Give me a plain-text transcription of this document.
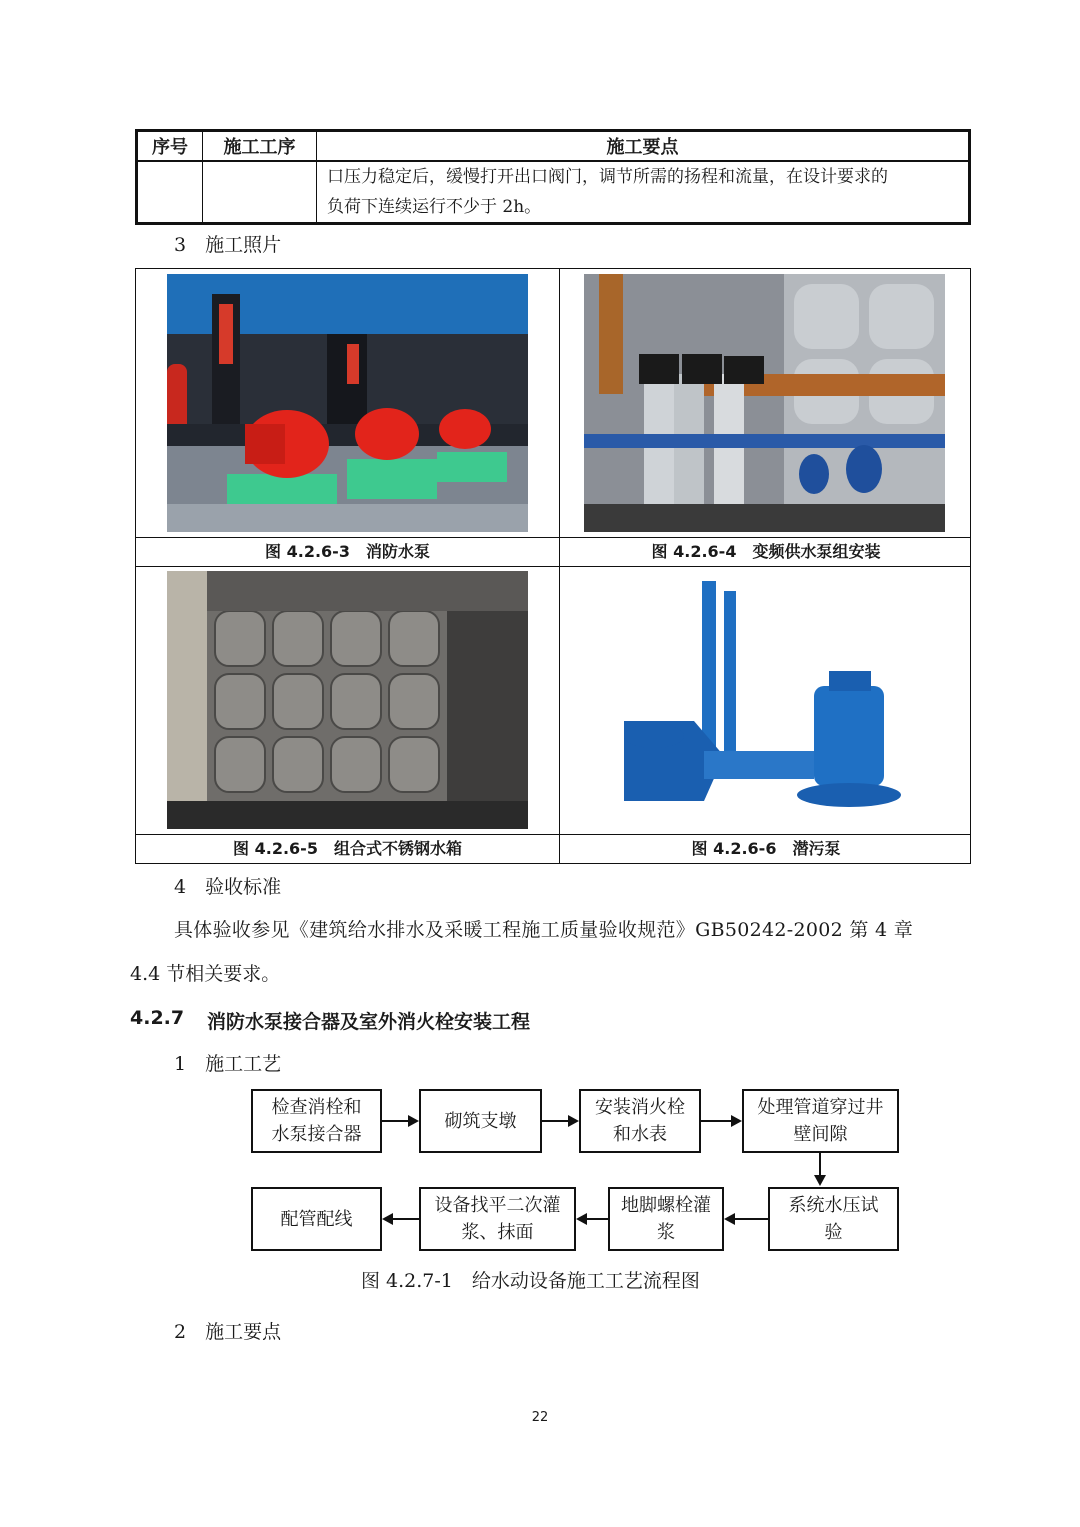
序号	施工工序	施工要点

		口压力稳定后，缓慢打开出口阀门，调节所需的扬程和流量，在设计要求的
负荷下连续运行不少于 2h。
3　施工照片
图 4.2.6-3　消防水泵	图 4.2.6-4　变频供水泵组安装
图 4.2.6-5　组合式不锈钢水箱	图 4.2.6-6　潜污泵
4　验收标准
具体验收参见《建筑给水排水及采暖工程施工质量验收规范》GB50242-2002 第 4 章
4.4 节相关要求。
4.2.7 消防水泵接合器及室外消火栓安装工程
1　施工工艺
检查消栓和
水泵接合器
砌筑支墩
安装消火栓
和水表
处理管道穿过井
壁间隙
配管配线
设备找平二次灌
浆、抹面
地脚螺栓灌
浆
系统水压试
验
图 4.2.7-1　给水动设备施工工艺流程图
2　施工要点
22
